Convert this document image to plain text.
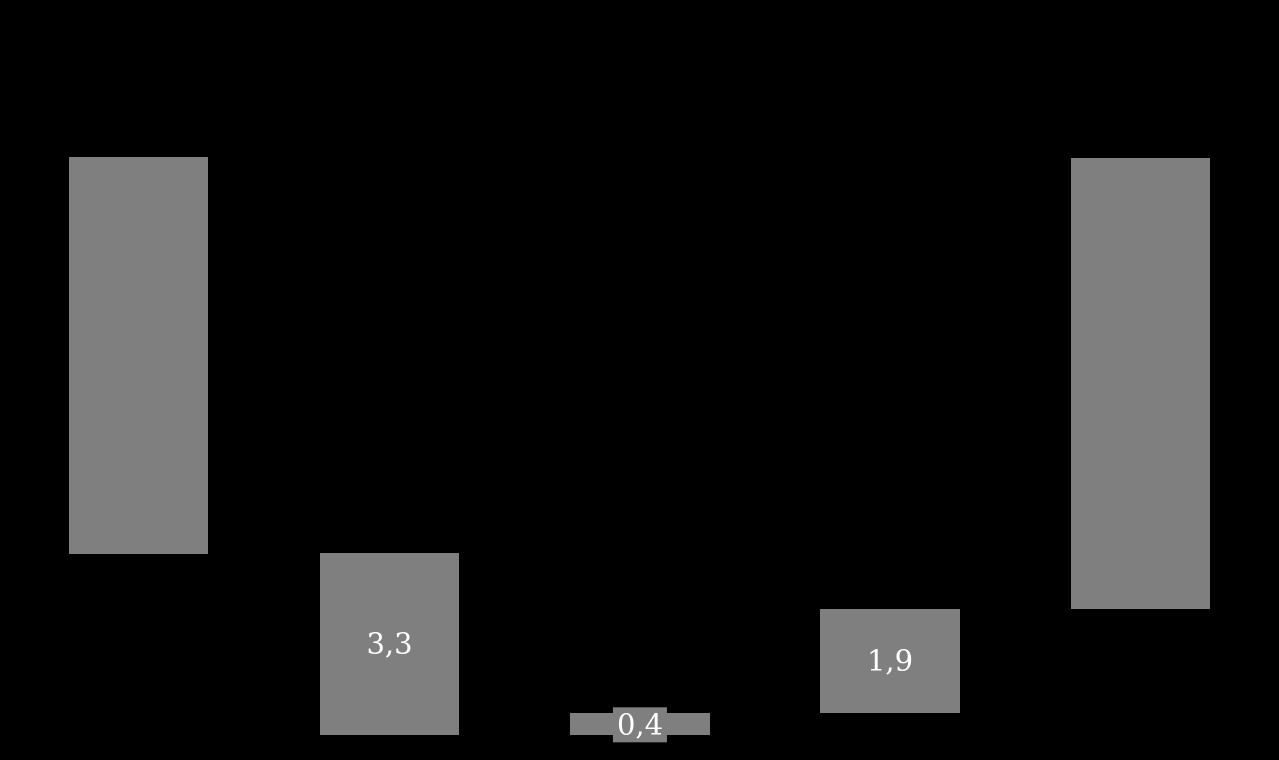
3,3
0,4
1,9
